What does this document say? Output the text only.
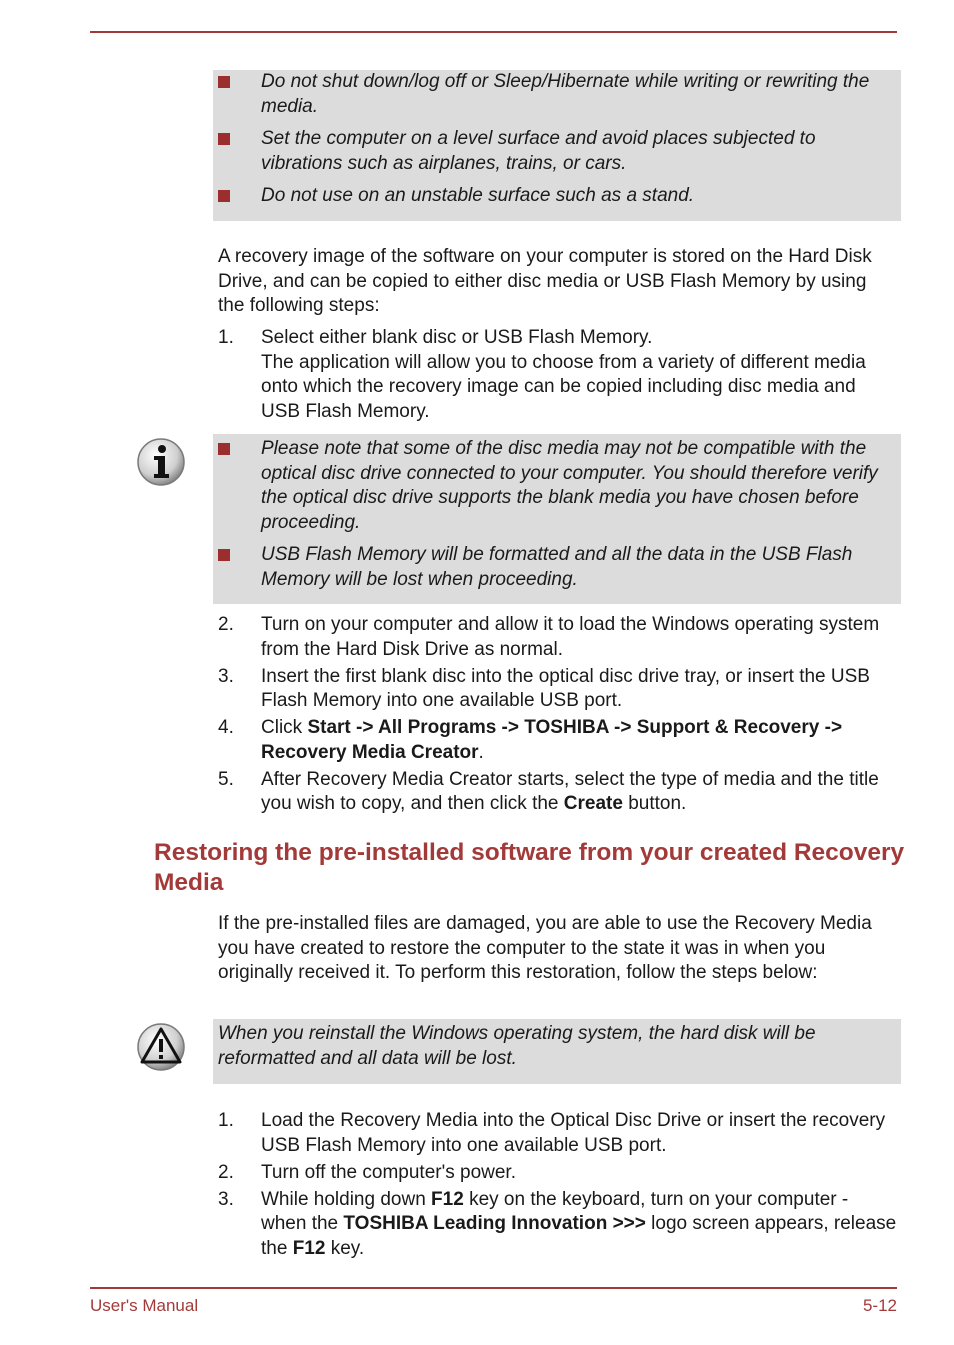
Do not shut down/log off or Sleep/Hibernate while writing or rewriting the media.
Set the computer on a level surface and avoid places subjected to vibrations such as airplanes, trains, or cars.
Do not use on an unstable surface such as a stand.

A recovery image of the software on your computer is stored on the Hard Disk Drive, and can be copied to either disc media or USB Flash Memory by using the following steps:

1. Select either blank disc or USB Flash Memory.
The application will allow you to choose from a variety of different media onto which the recovery image can be copied including disc media and USB Flash Memory.
Please note that some of the disc media may not be compatible with the optical disc drive connected to your computer. You should therefore verify the optical disc drive supports the blank media you have chosen before proceeding.
USB Flash Memory will be formatted and all the data in the USB Flash Memory will be lost when proceeding.
2. Turn on your computer and allow it to load the Windows operating system from the Hard Disk Drive as normal.
3. Insert the first blank disc into the optical disc drive tray, or insert the USB Flash Memory into one available USB port.
4. Click Start -> All Programs -> TOSHIBA -> Support & Recovery -> Recovery Media Creator.
5. After Recovery Media Creator starts, select the type of media and the title you wish to copy, and then click the Create button.
Restoring the pre-installed software from your created Recovery Media

If the pre-installed files are damaged, you are able to use the Recovery Media you have created to restore the computer to the state it was in when you originally received it. To perform this restoration, follow the steps below:

When you reinstall the Windows operating system, the hard disk will be reformatted and all data will be lost.
1. Load the Recovery Media into the Optical Disc Drive or insert the recovery USB Flash Memory into one available USB port.
2. Turn off the computer's power.
3. While holding down F12 key on the keyboard, turn on your computer - when the TOSHIBA Leading Innovation >>> logo screen appears, release the F12 key.
User's Manual	5-12
